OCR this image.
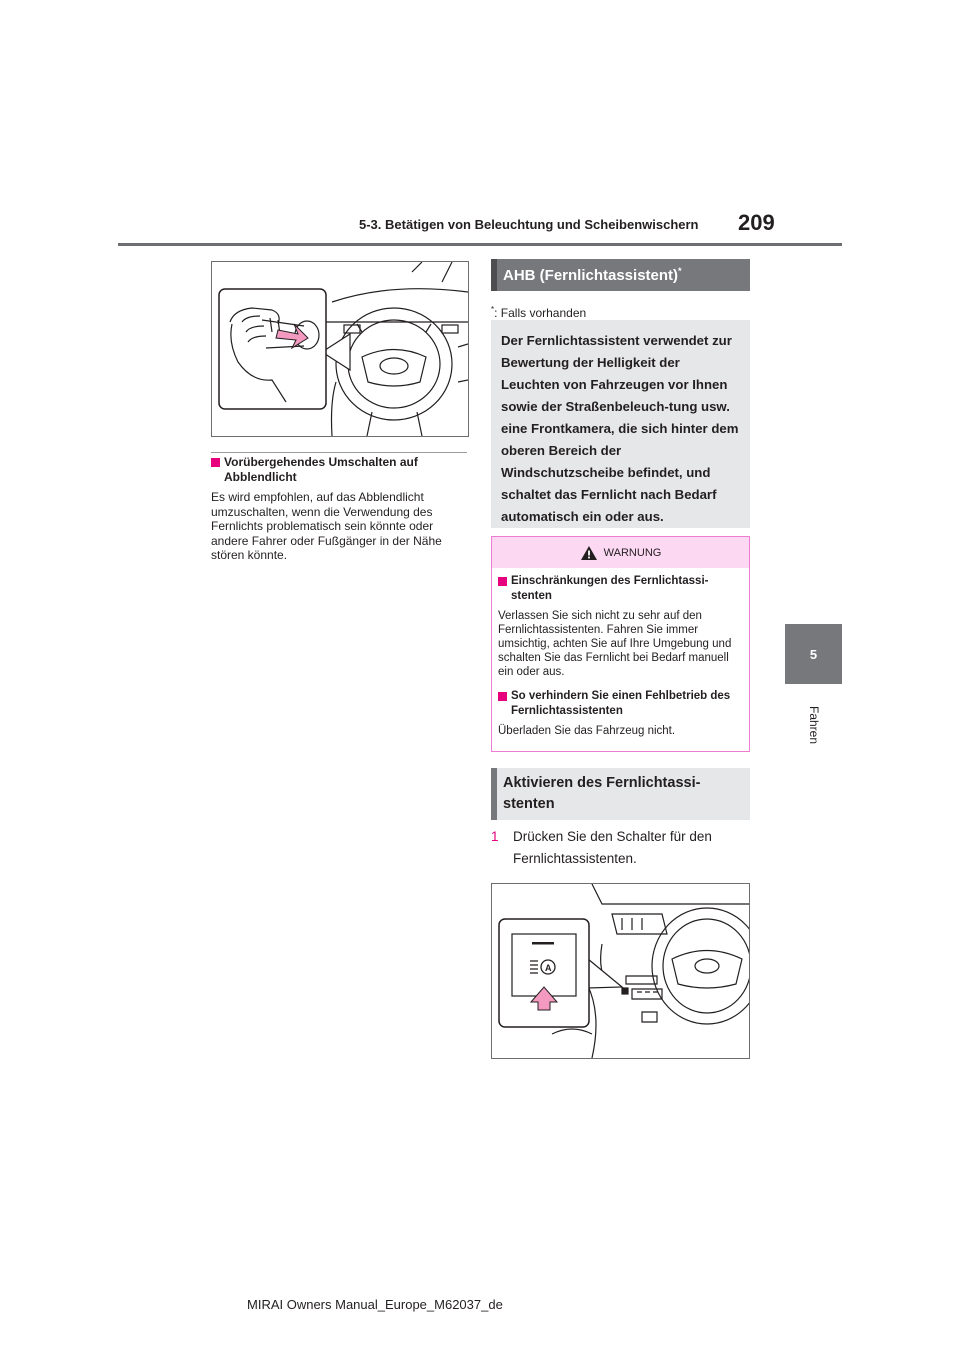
5-3. Betätigen von Beleuchtung und Scheibenwischern 209
5
Fahren
Vorübergehendes Umschalten auf Abblendlicht
Es wird empfohlen, auf das Abblendlicht umzuschalten, wenn die Verwendung des Fernlichts problematisch sein könnte oder andere Fahrer oder Fußgänger in der Nähe stören könnte.
AHB (Fernlichtassistent)*
*: Falls vorhanden

Der Fernlichtassistent verwendet zur Bewertung der Helligkeit der Leuchten von Fahrzeugen vor Ihnen sowie der Straßenbeleuch-tung usw. eine Frontkamera, die sich hinter dem oberen Bereich der Windschutzscheibe befindet, und schaltet das Fernlicht nach Bedarf automatisch ein oder aus.

WARNUNG
Einschränkungen des Fernlichtassi-stenten
Verlassen Sie sich nicht zu sehr auf den Fernlichtassistenten. Fahren Sie immer umsichtig, achten Sie auf Ihre Umgebung und schalten Sie das Fernlicht bei Bedarf manuell ein oder aus.
So verhindern Sie einen Fehlbetrieb des Fernlichtassistenten
Überladen Sie das Fahrzeug nicht.
Aktivieren des Fernlichtassi-stenten
1 Drücken Sie den Schalter für den Fernlichtassistenten.
A
MIRAI Owners Manual_Europe_M62037_de
